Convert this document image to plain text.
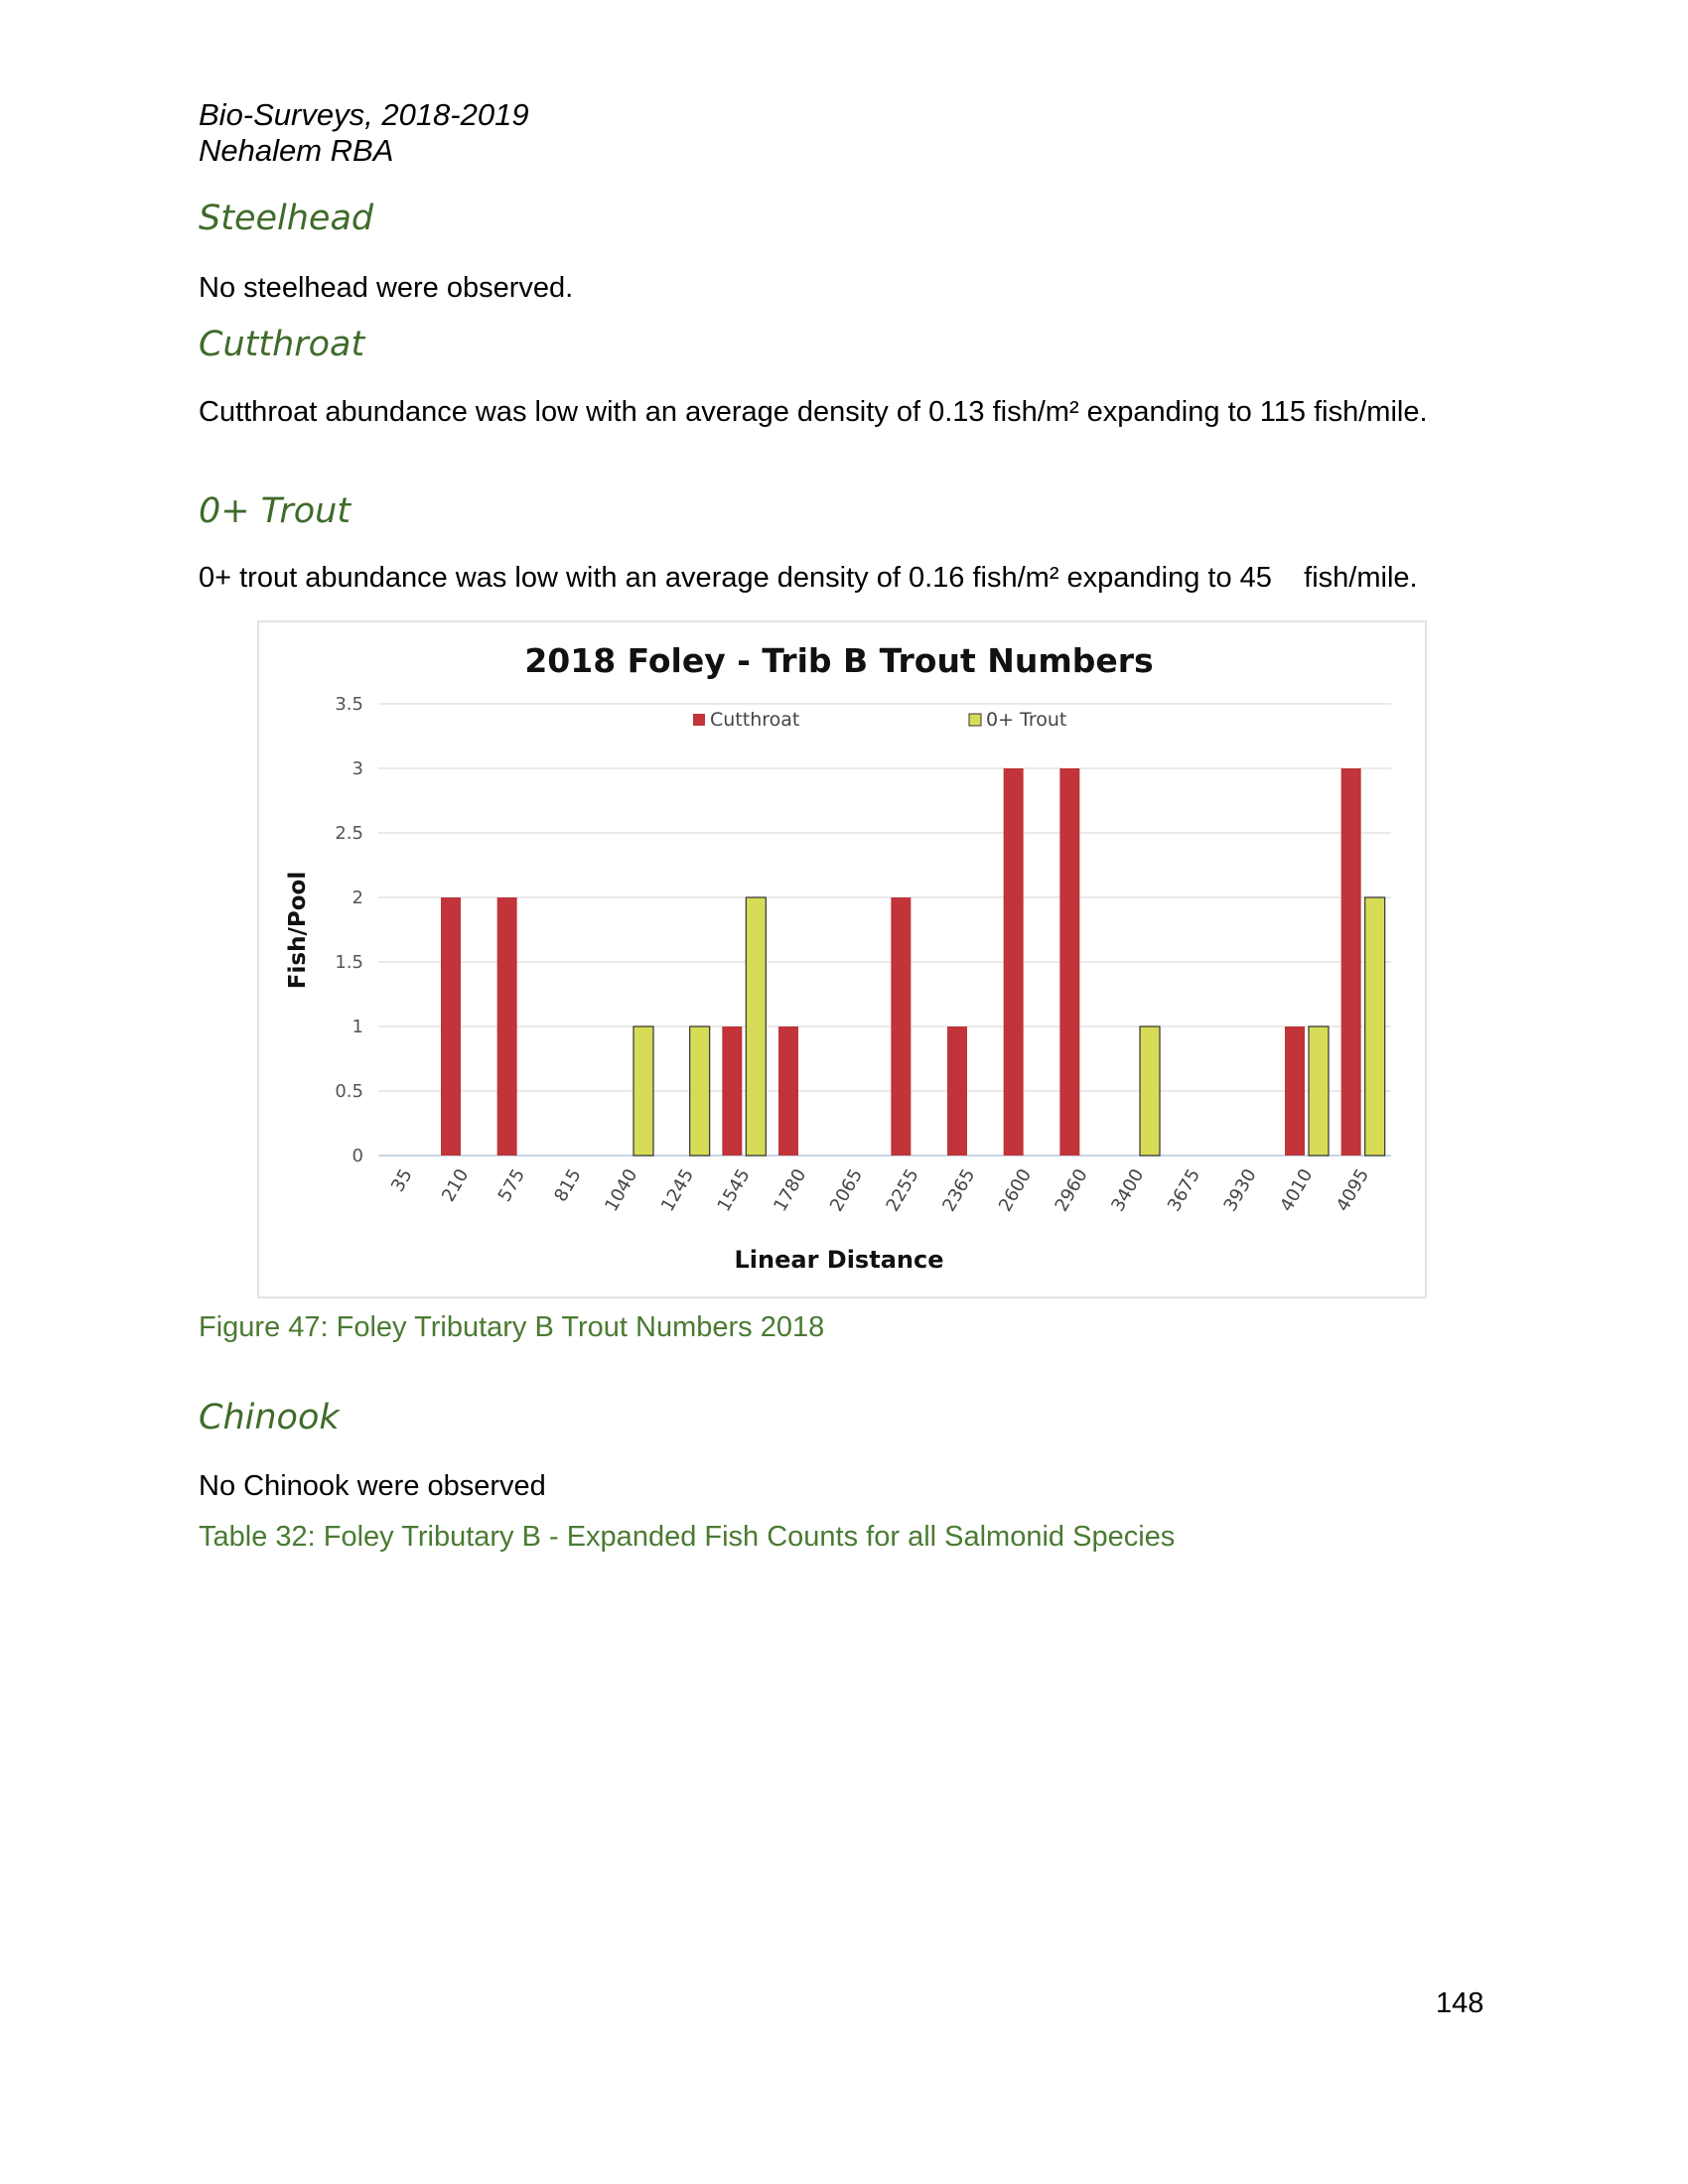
Bio-Surveys, 2018-2019
Nehalem RBA
Steelhead
No steelhead were observed.
Cutthroat
Cutthroat abundance was low with an average density of 0.13 fish/m² expanding to 115 fish/mile.
0+ Trout
0+ trout abundance was low with an average density of 0.16 fish/m² expanding to 45    fish/mile.
2018 Foley - Trib B Trout Numbers
Fish/Pool
Linear Distance
Cutthroat	0+ Trout
0
0.5
1
1.5
2
2.5
3
3.5
35 210 575 815 1040 1245 1545 1780 2065 2255 2365 2600 2960 3400 3675 3930 4010 4095
Figure 47: Foley Tributary B Trout Numbers 2018
Chinook
No Chinook were observed
Table 32: Foley Tributary B - Expanded Fish Counts for all Salmonid Species
148
